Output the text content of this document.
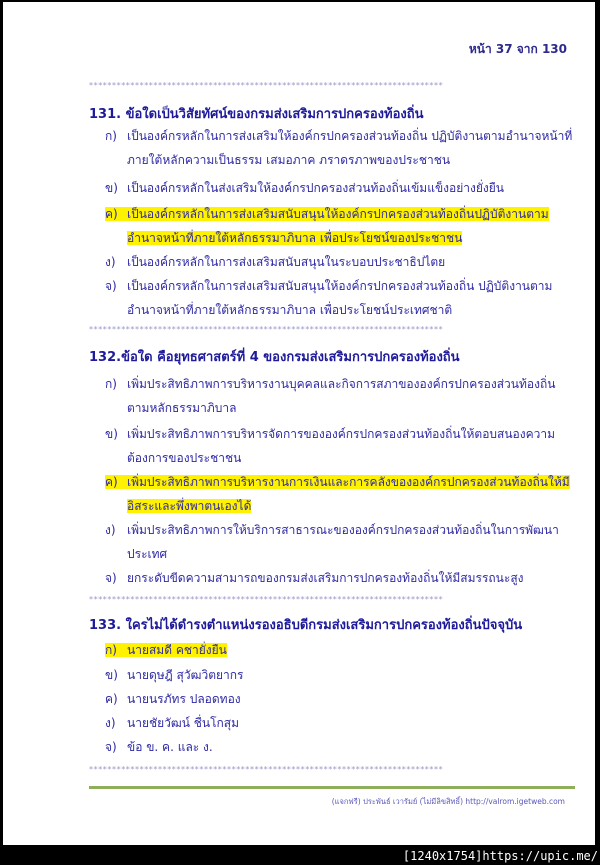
หน้า 37 จาก 130
*****************************************************************************
131. ข้อใดเป็นวิสัยทัศน์ของกรมส่งเสริมการปกครองท้องถิ่น
ก) เป็นองค์กรหลักในการส่งเสริมให้องค์กรปกครองส่วนท้องถิ่น ปฏิบัติงานตามอำนาจหน้าที่
ภายใต้หลักความเป็นธรรม เสมอภาค ภราดรภาพของประชาชน
ข) เป็นองค์กรหลักในส่งเสริมให้องค์กรปกครองส่วนท้องถิ่นเข้มแข็งอย่างยั่งยืน
ค) เป็นองค์กรหลักในการส่งเสริมสนับสนุนให้องค์กรปกครองส่วนท้องถิ่นปฏิบัติงานตาม
อำนาจหน้าที่ภายใต้หลักธรรมาภิบาล เพื่อประโยชน์ของประชาชน
ง) เป็นองค์กรหลักในการส่งเสริมสนับสนุนในระบอบประชาธิปไตย
จ) เป็นองค์กรหลักในการส่งเสริมสนับสนุนให้องค์กรปกครองส่วนท้องถิ่น ปฏิบัติงานตาม
อำนาจหน้าที่ภายใต้หลักธรรมาภิบาล เพื่อประโยชน์ประเทศชาติ
*****************************************************************************
132.ข้อใด คือยุทธศาสตร์ที่ 4 ของกรมส่งเสริมการปกครองท้องถิ่น
ก) เพิ่มประสิทธิภาพการบริหารงานบุคคลและกิจการสภาขององค์กรปกครองส่วนท้องถิ่น
ตามหลักธรรมาภิบาล
ข) เพิ่มประสิทธิภาพการบริหารจัดการขององค์กรปกครองส่วนท้องถิ่นให้ตอบสนองความ
ต้องการของประชาชน
ค) เพิ่มประสิทธิภาพการบริหารงานการเงินและการคลังขององค์กรปกครองส่วนท้องถิ่นให้มี
อิสระและพึ่งพาตนเองได้
ง) เพิ่มประสิทธิภาพการให้บริการสาธารณะขององค์กรปกครองส่วนท้องถิ่นในการพัฒนา
ประเทศ
จ) ยกระดับขีดความสามารถของกรมส่งเสริมการปกครองท้องถิ่นให้มีสมรรถนะสูง
*****************************************************************************
133. ใครไม่ได้ดำรงตำแหน่งรองอธิบดีกรมส่งเสริมการปกครองท้องถิ่นปัจจุบัน
ก) นายสมดี คชายั่งยืน
ข) นายดุษฎี สุวัฒวิตยากร
ค) นายนรภัทร ปลอดทอง
ง) นายชัยวัฒน์ ชื่นโกสุม
จ) ข้อ ข. ค. และ ง.
*****************************************************************************
(แจกฟรี) ประพันธ์ เวารัมย์ (ไม่มีลิขสิทธิ์) http://valrom.igetweb.com
[1240x1754]https://upic.me/
